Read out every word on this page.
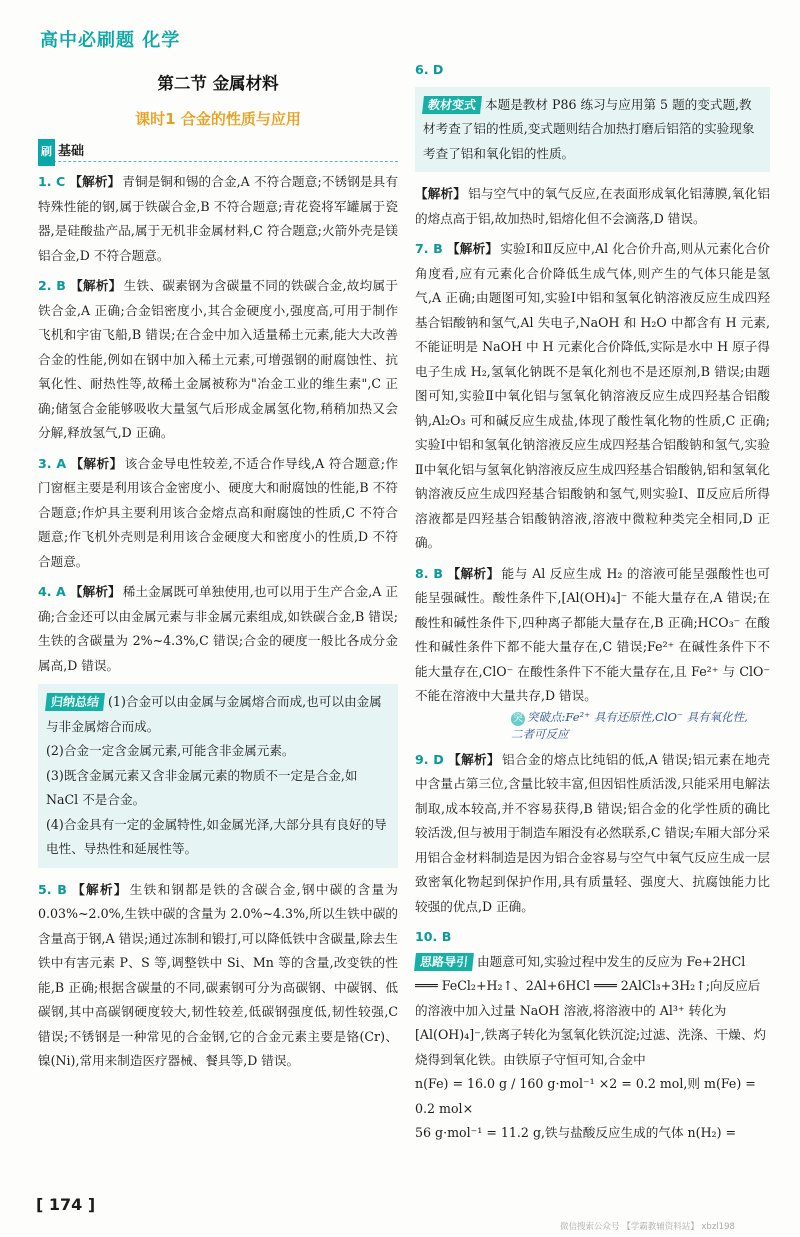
高中必刷题 化学
第二节 金属材料
课时1 合金的性质与应用
刷 基础

1. C 【解析】 青铜是铜和锡的合金,A 不符合题意;不锈钢是具有特殊性能的钢,属于铁碳合金,B 不符合题意;青花瓷将军罐属于瓷器,是硅酸盐产品,属于无机非金属材料,C 符合题意;火箭外壳是镁铝合金,D 不符合题意。

2. B 【解析】 生铁、碳素钢为含碳量不同的铁碳合金,故均属于铁合金,A 正确;合金铝密度小,其合金硬度小,强度高,可用于制作飞机和宇宙飞船,B 错误;在合金中加入适量稀土元素,能大大改善合金的性能,例如在钢中加入稀土元素,可增强钢的耐腐蚀性、抗氧化性、耐热性等,故稀土金属被称为"冶金工业的维生素",C 正确;储氢合金能够吸收大量氢气后形成金属氢化物,稍稍加热又会分解,释放氢气,D 正确。

3. A 【解析】 该合金导电性较差,不适合作导线,A 符合题意;作门窗框主要是利用该合金密度小、硬度大和耐腐蚀的性能,B 不符合题意;作炉具主要利用该合金熔点高和耐腐蚀的性质,C 不符合题意;作飞机外壳则是利用该合金硬度大和密度小的性质,D 不符合题意。

4. A 【解析】 稀土金属既可单独使用,也可以用于生产合金,A 正确;合金还可以由金属元素与非金属元素组成,如铁碳合金,B 错误;生铁的含碳量为 2%~4.3%,C 错误;合金的硬度一般比各成分金属高,D 错误。

归纳总结 (1)合金可以由金属与金属熔合而成,也可以由金属与非金属熔合而成。

(2)合金一定含金属元素,可能含非金属元素。

(3)既含金属元素又含非金属元素的物质不一定是合金,如 NaCl 不是合金。

(4)合金具有一定的金属特性,如金属光泽,大部分具有良好的导电性、导热性和延展性等。

5. B 【解析】 生铁和钢都是铁的含碳合金,钢中碳的含量为 0.03%~2.0%,生铁中碳的含量为 2.0%~4.3%,所以生铁中碳的含量高于钢,A 错误;通过冻制和锻打,可以降低铁中含碳量,除去生铁中有害元素 P、S 等,调整铁中 Si、Mn 等的含量,改变铁的性能,B 正确;根据含碳量的不同,碳素钢可分为高碳钢、中碳钢、低碳钢,其中高碳钢硬度较大,韧性较差,低碳钢强度低,韧性较强,C 错误;不锈钢是一种常见的合金钢,它的合金元素主要是铬(Cr)、镍(Ni),常用来制造医疗器械、餐具等,D 错误。

6. D

教材变式 本题是教材 P86 练习与应用第 5 题的变式题,教材考查了铝的性质,变式题则结合加热打磨后铝箔的实验现象考查了铝和氧化铝的性质。

【解析】 铝与空气中的氧气反应,在表面形成氧化铝薄膜,氧化铝的熔点高于铝,故加热时,铝熔化但不会滴落,D 错误。

7. B 【解析】 实验Ⅰ和Ⅱ反应中,Al 化合价升高,则从元素化合价角度看,应有元素化合价降低生成气体,则产生的气体只能是氢气,A 正确;由题图可知,实验Ⅰ中铝和氢氧化钠溶液反应生成四羟基合铝酸钠和氢气,Al 失电子,NaOH 和 H₂O 中都含有 H 元素,不能证明是 NaOH 中 H 元素化合价降低,实际是水中 H 原子得电子生成 H₂,氢氧化钠既不是氧化剂也不是还原剂,B 错误;由题图可知,实验Ⅱ中氧化铝与氢氧化钠溶液反应生成四羟基合铝酸钠,Al₂O₃ 可和碱反应生成盐,体现了酸性氧化物的性质,C 正确;实验Ⅰ中铝和氢氧化钠溶液反应生成四羟基合铝酸钠和氢气,实验Ⅱ中氧化铝与氢氧化钠溶液反应生成四羟基合铝酸钠,铝和氢氧化钠溶液反应生成四羟基合铝酸钠和氢气,则实验Ⅰ、Ⅱ反应后所得溶液都是四羟基合铝酸钠溶液,溶液中微粒种类完全相同,D 正确。

8. B 【解析】 能与 Al 反应生成 H₂ 的溶液可能呈强酸性也可能呈强碱性。酸性条件下,[Al(OH)₄]⁻ 不能大量存在,A 错误;在酸性和碱性条件下,四种离子都能大量存在,B 正确;HCO₃⁻ 在酸性和碱性条件下都不能大量存在,C 错误;Fe²⁺ 在碱性条件下不能大量存在,ClO⁻ 在酸性条件下不能大量存在,且 Fe²⁺ 与 ClO⁻ 不能在溶液中大量共存,D 错误。

突 突破点:Fe²⁺ 具有还原性,ClO⁻ 具有氧化性,
二者可反应

9. D 【解析】 铝合金的熔点比纯铝的低,A 错误;铝元素在地壳中含量占第三位,含量比较丰富,但因铝性质活泼,只能采用电解法制取,成本较高,并不容易获得,B 错误;铝合金的化学性质的确比较活泼,但与被用于制造车厢没有必然联系,C 错误;车厢大部分采用铝合金材料制造是因为铝合金容易与空气中氧气反应生成一层致密氧化物起到保护作用,具有质量轻、强度大、抗腐蚀能力比较强的优点,D 正确。

10. B

思路导引 由题意可知,实验过程中发生的反应为 Fe+2HCl ═══ FeCl₂+H₂↑、2Al+6HCl ═══ 2AlCl₃+3H₂↑;向反应后的溶液中加入过量 NaOH 溶液,将溶液中的 Al³⁺ 转化为[Al(OH)₄]⁻,铁离子转化为氢氧化铁沉淀;过滤、洗涤、干燥、灼烧得到氧化铁。由铁原子守恒可知,合金中

n(Fe) = 16.0 g / 160 g·mol⁻¹ ×2 = 0.2 mol,则 m(Fe) = 0.2 mol×

56 g·mol⁻¹ = 11.2 g,铁与盐酸反应生成的气体 n(H₂) =

[ 174 ]
微信搜索公众号 【学霸教辅资料站】 xbzl198
